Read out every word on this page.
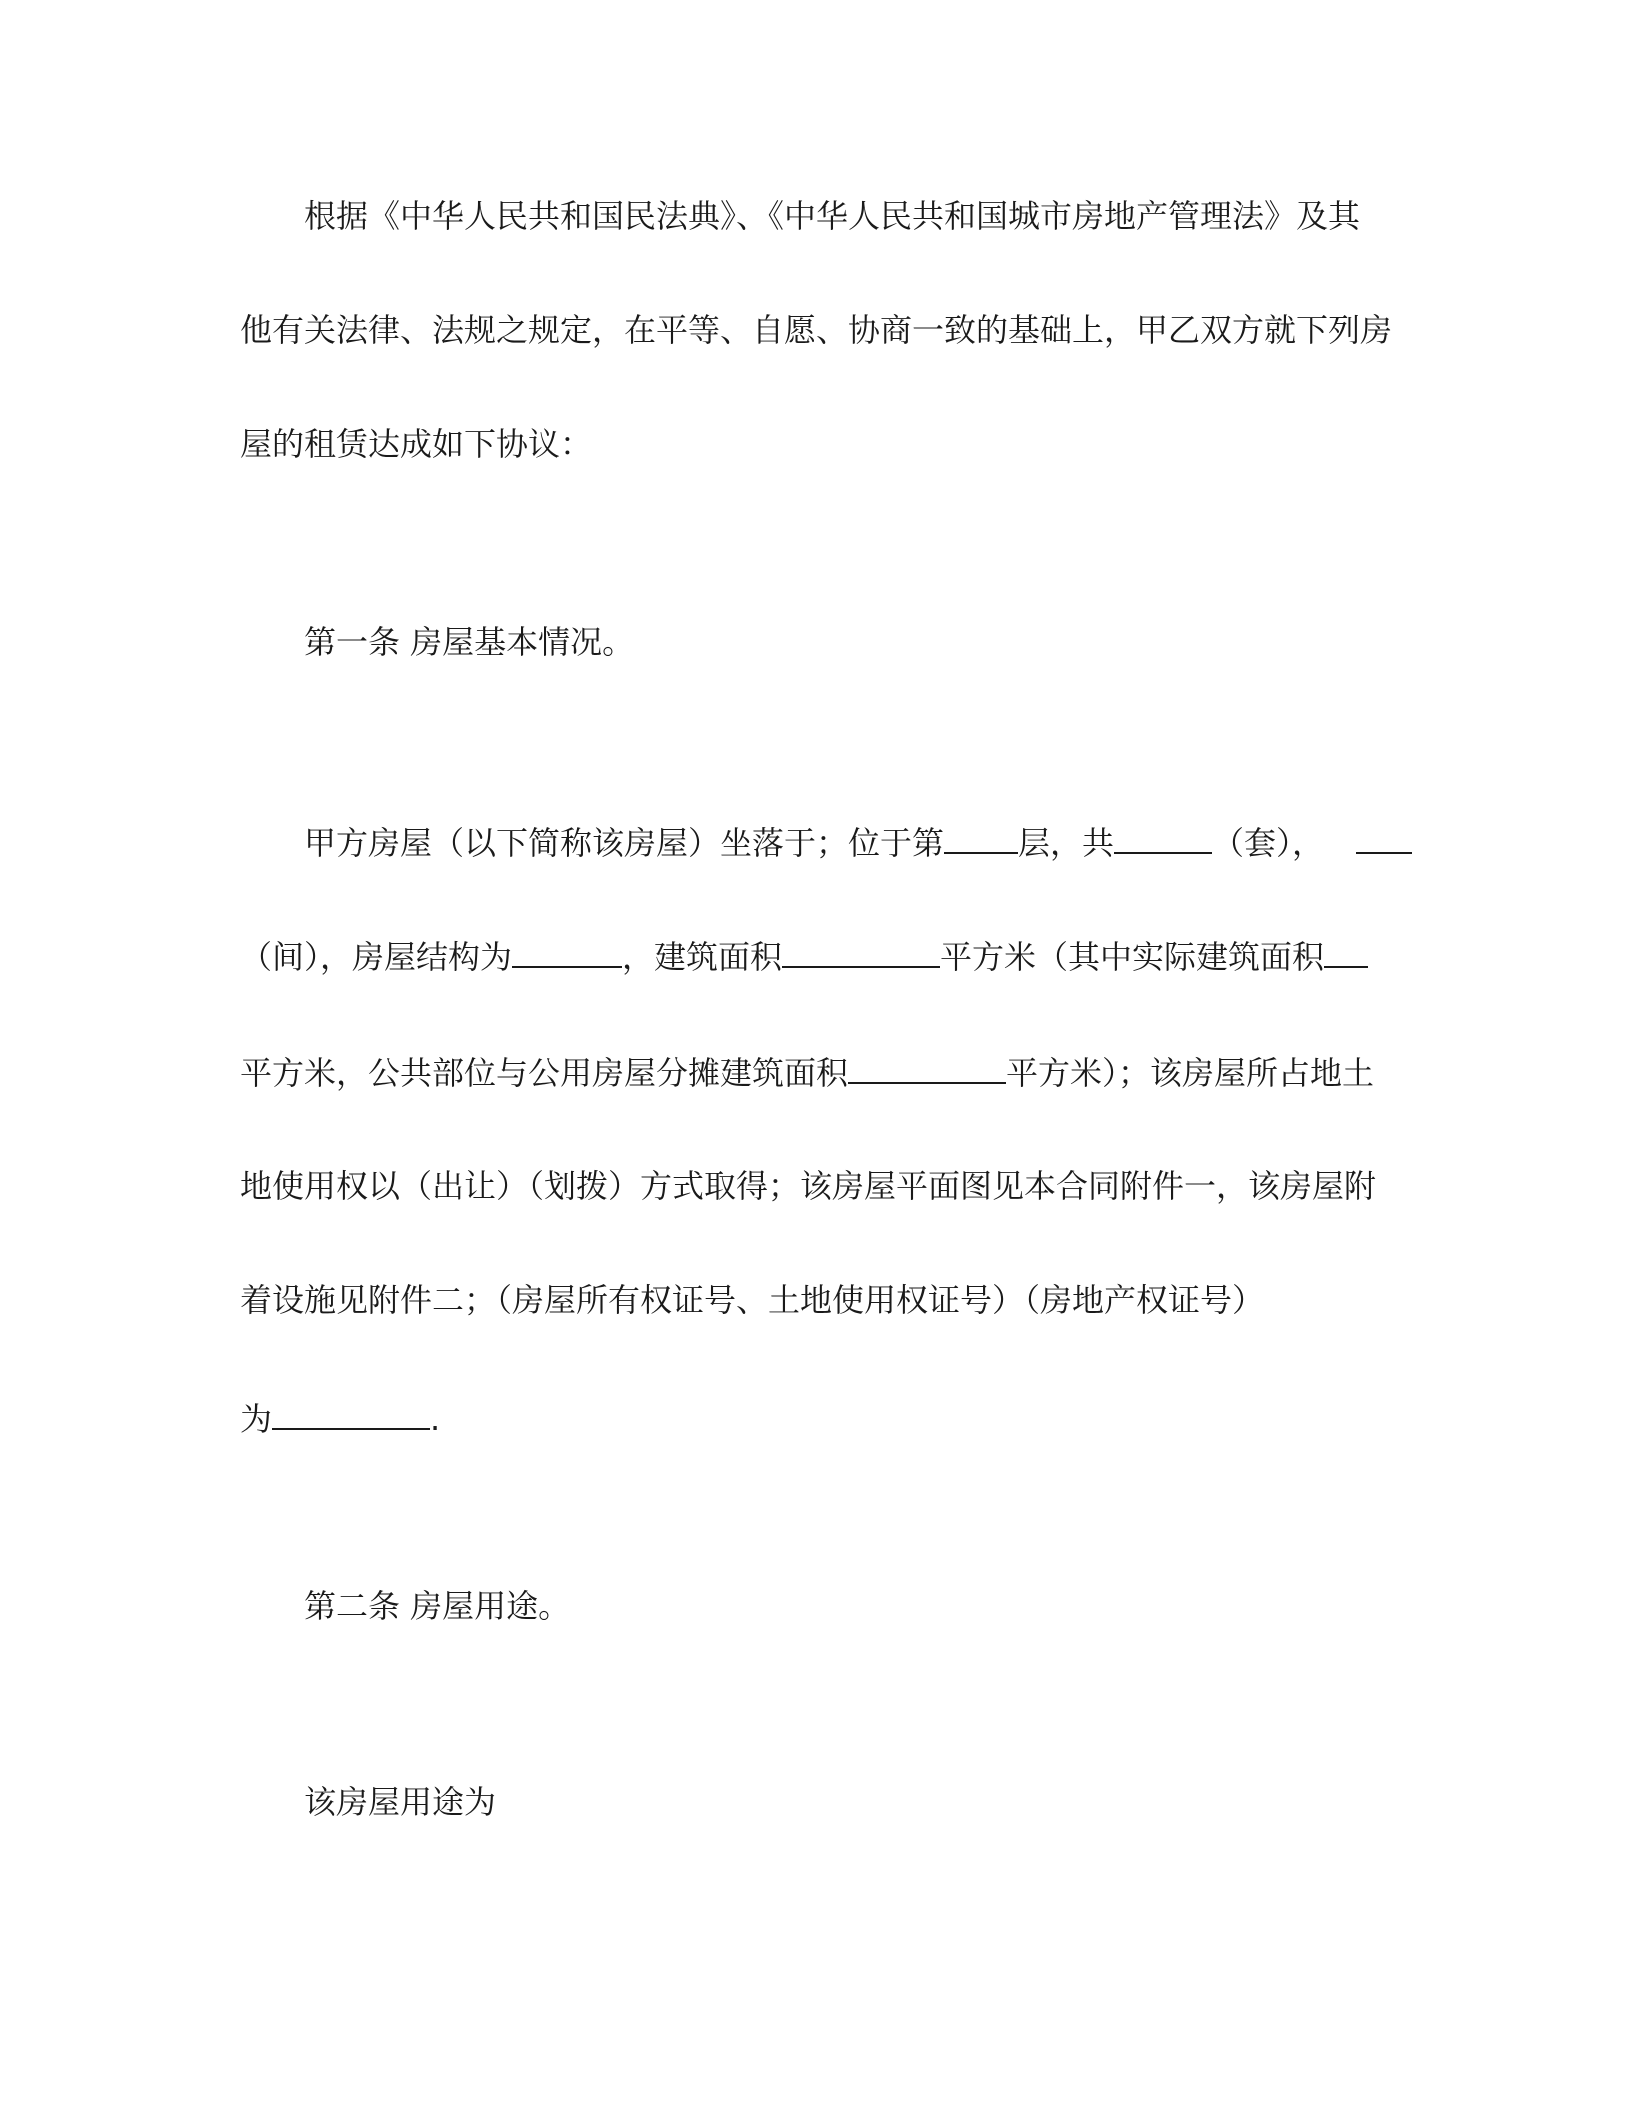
根据《中华人民共和国民法典》、《中华人民共和国城市房地产管理法》及其

他有关法律、法规之规定，在平等、自愿、协商一致的基础上，甲乙双方就下列房

屋的租赁达成如下协议：

第一条 房屋基本情况。

甲方房屋（以下简称该房屋）坐落于；位于第 层，共	（套），

（间），房屋结构为	，建筑面积	平方米（其中实际建筑面积

平方米，公共部位与公用房屋分摊建筑面积	平方米）；该房屋所占地土

地使用权以（出让）（划拨）方式取得；该房屋平面图见本合同附件一，该房屋附

着设施见附件二；（房屋所有权证号、土地使用权证号）（房地产权证号）

为	.

第二条 房屋用途。

该房屋用途为
